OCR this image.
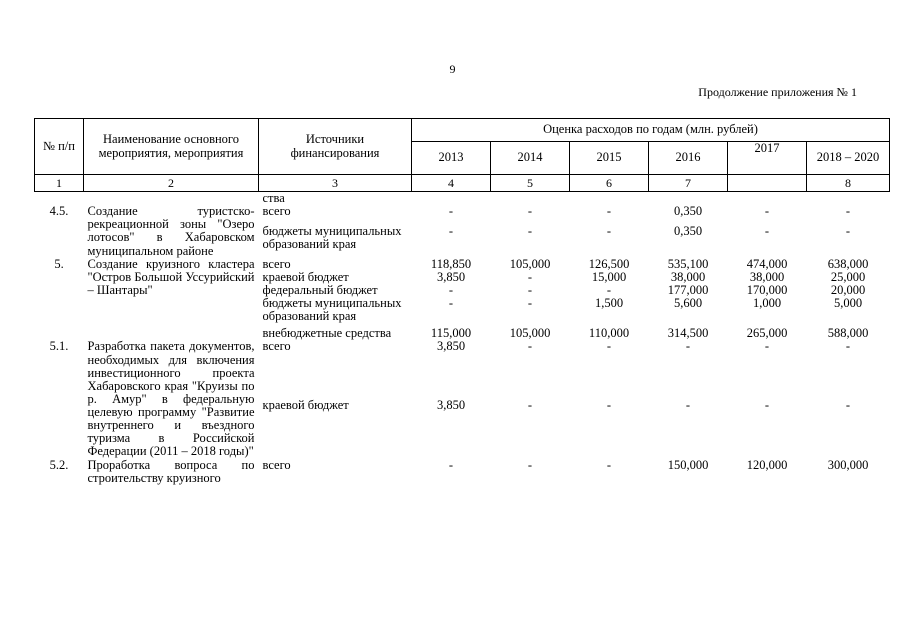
9
Продолжение приложения № 1
№ п/п	Наименование основного мероприятия, мероприятия	Источники финансирования	Оценка расходов по годам (млн. рублей)					
			2013	2014	2015	2016	2017	2018 – 2020
1	2	3	4	5	6	7		8
		ства						
4.5.	Создание туристско-рекреационной зоны "Озеро лотосов" в Хабаровском муниципальном районе	всего	-	-	-	0,350	-	-
		бюджеты муниципальных образований края	-	-	-	0,350	-	-
5.	Создание круизного кластера "Остров Большой Уссурийский – Шантары"	всего	118,850	105,000	126,500	535,100	474,000	638,000
		краевой бюджет	3,850	-	15,000	38,000	38,000	25,000
		федеральный бюджет	-	-	-	177,000	170,000	20,000
		бюджеты муниципальных образований края	-	-	1,500	5,600	1,000	5,000
		внебюджетные средства	115,000	105,000	110,000	314,500	265,000	588,000
5.1.	Разработка пакета документов, необходимых для включения инвестиционного проекта Хабаровского края "Круизы по р. Амур" в федеральную целевую программу "Развитие внутреннего и въездного туризма в Российской Федерации (2011 – 2018 годы)"	всего	3,850	-	-	-	-	-
		краевой бюджет	3,850	-	-	-	-	-
5.2.	Проработка вопроса по строительству круизного	всего	-	-	-	150,000	120,000	300,000
